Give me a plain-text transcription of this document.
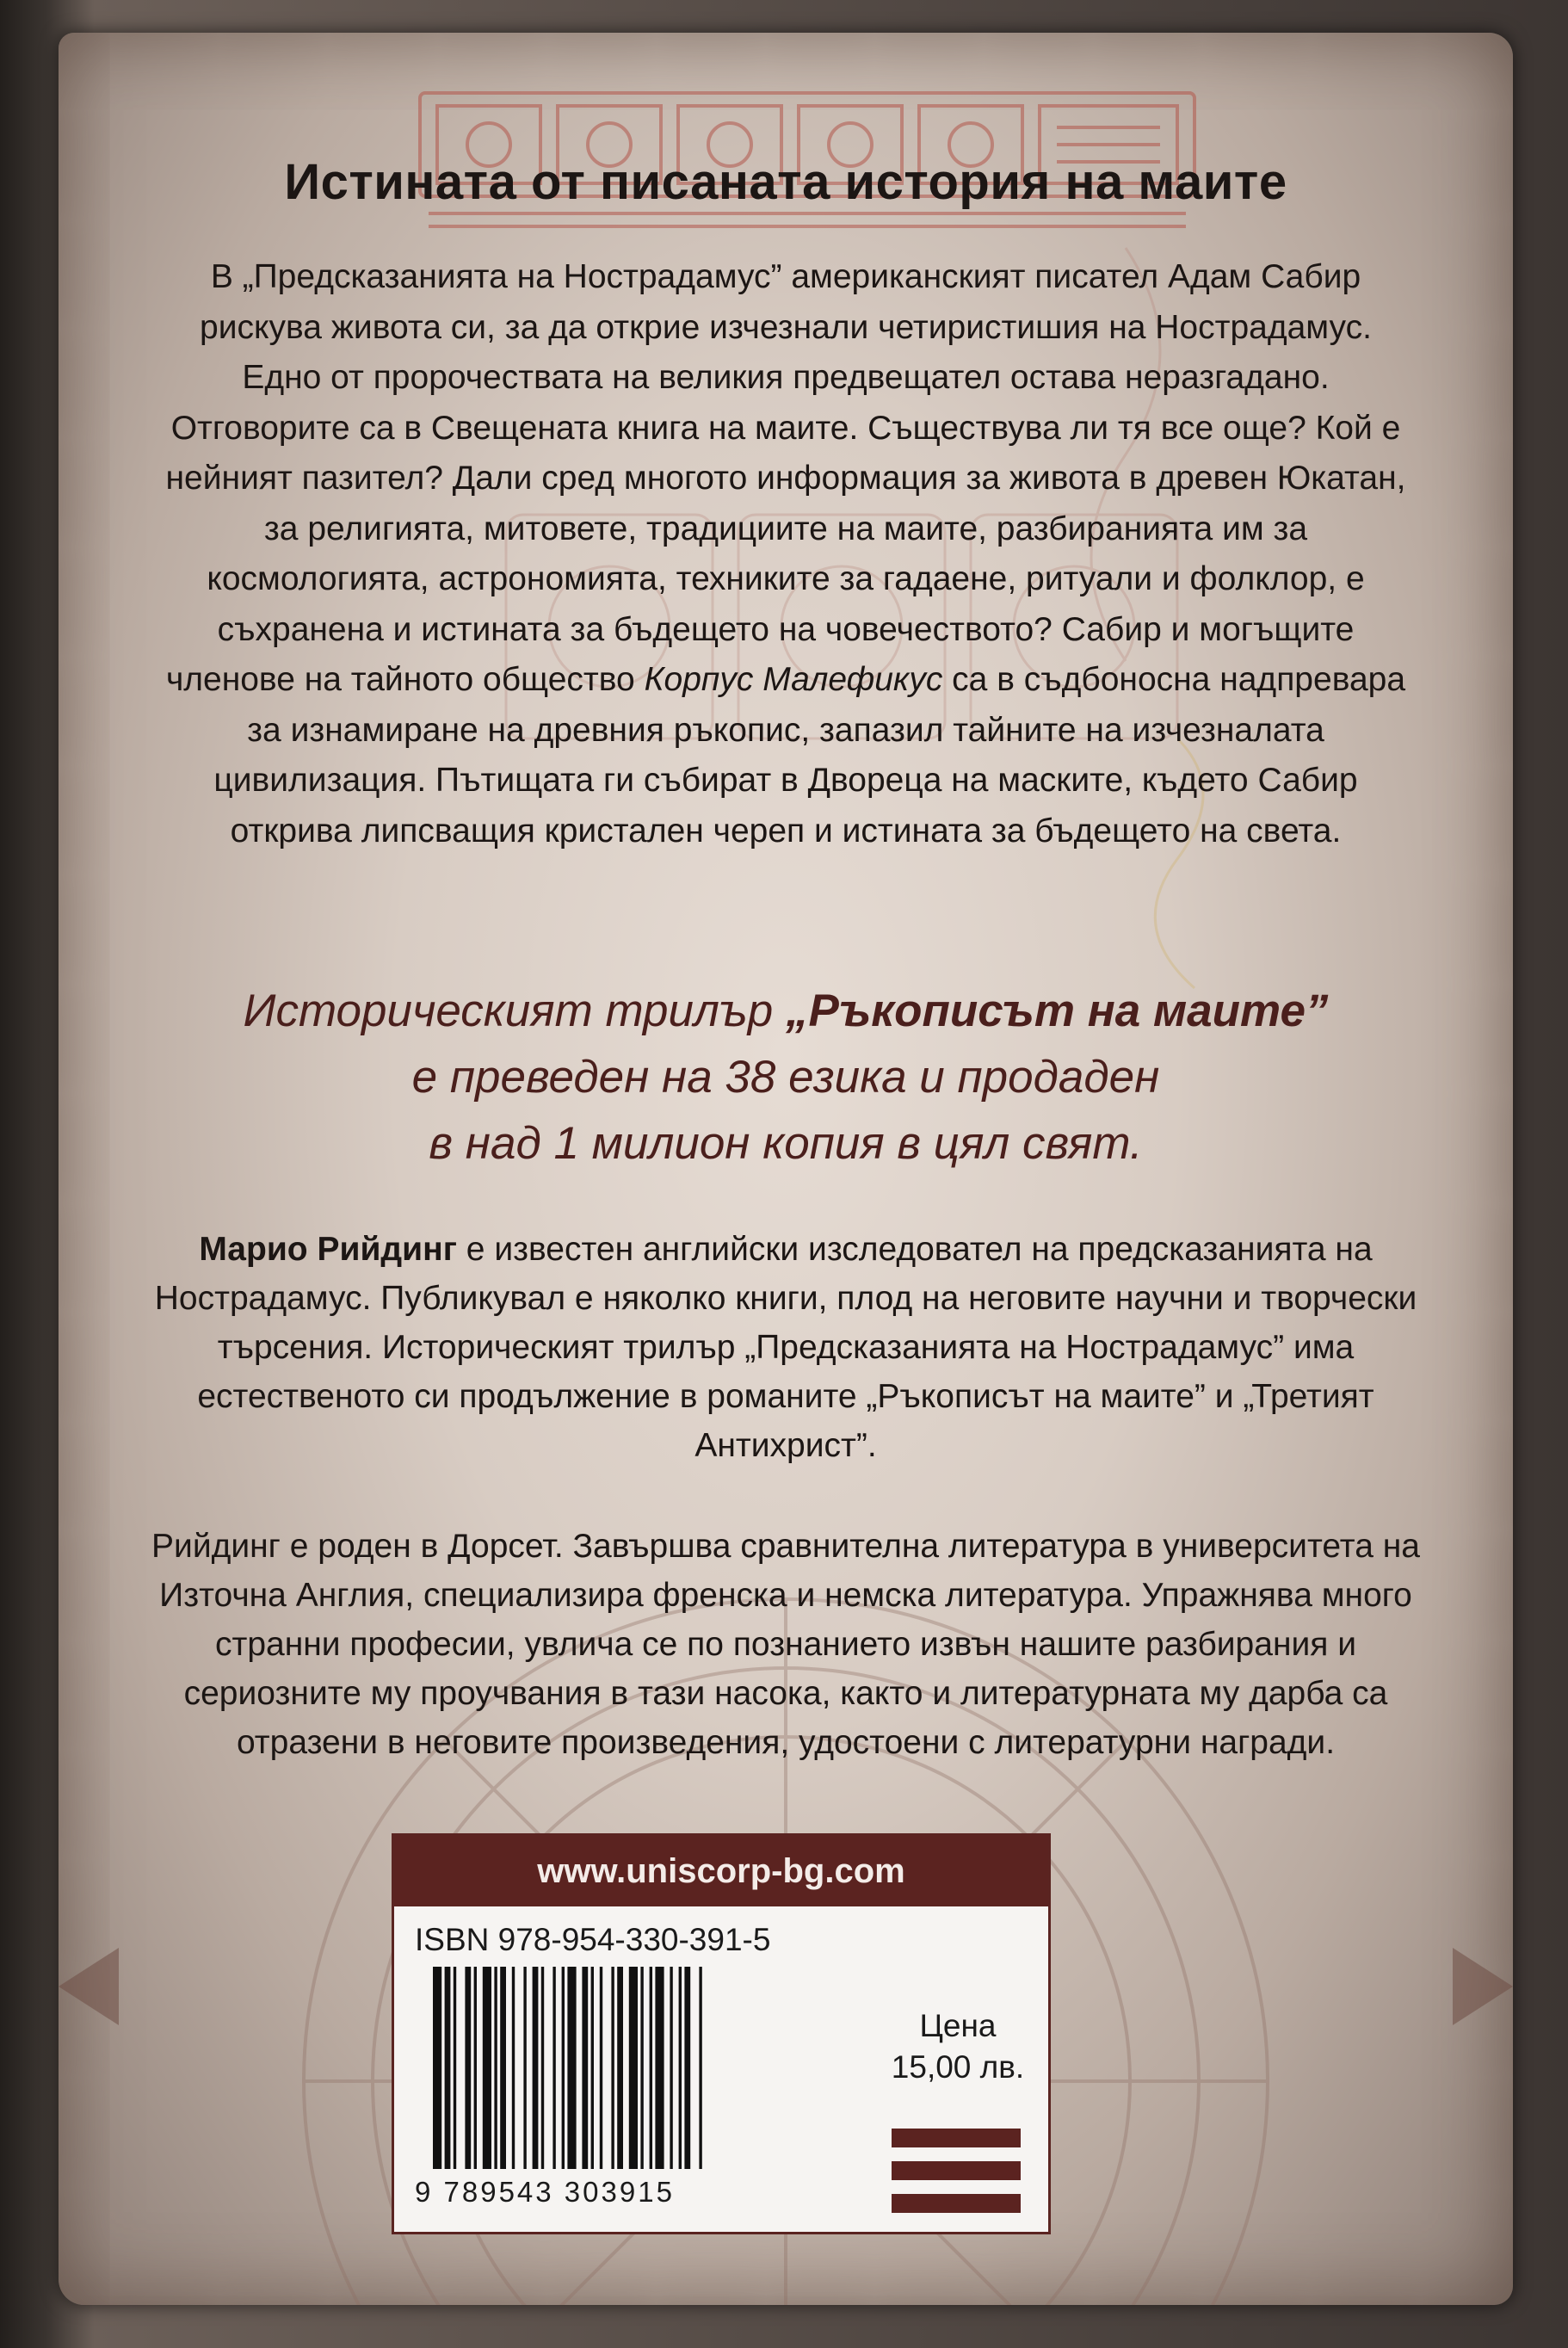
Истината от писаната история на маите
В „Предсказанията на Нострадамус” американският писател Адам Сабир рискува живота си, за да открие изчезнали четиристишия на Нострадамус. Едно от пророчествата на великия предвещател остава неразгадано. Отговорите са в Свещената книга на маите. Съществува ли тя все още? Кой е нейният пазител? Дали сред многото информация за живота в древен Юкатан, за религията, митовете, традициите на маите, разбиранията им за космологията, астрономията, техниките за гадаене, ритуали и фолклор, е съхранена и истината за бъдещето на човечеството? Сабир и могъщите членове на тайното общество Корпус Малефикус са в съдбоносна надпревара за изнамиране на древния ръкопис, запазил тайните на изчезналата цивилизация. Пътищата ги събират в Двореца на маските, където Сабир открива липсващия кристален череп и истината за бъдещето на света.
Историческият трилър „Ръкописът на маите”
е преведен на 38 езика и продаден
в над 1 милион копия в цял свят.
Марио Рийдинг е известен английски изследовател на предсказанията на Нострадамус. Публикувал е няколко книги, плод на неговите научни и творчески търсения. Историческият трилър „Предсказанията на Нострадамус” има естественото си продължение в романите „Ръкописът на маите” и „Третият Антихрист”.
Рийдинг е роден в Дорсет. Завършва сравнителна литература в университета на Източна Англия, специализира френска и немска литература. Упражнява много странни професии, увлича се по познанието извън нашите разбирания и сериозните му проучвания в тази насока, както и литературната му дарба са отразени в неговите произведения, удостоени с литературни награди.
www.uniscorp-bg.com
ISBN 978-954-330-391-5
9 789543 303915
Цена
15,00 лв.
